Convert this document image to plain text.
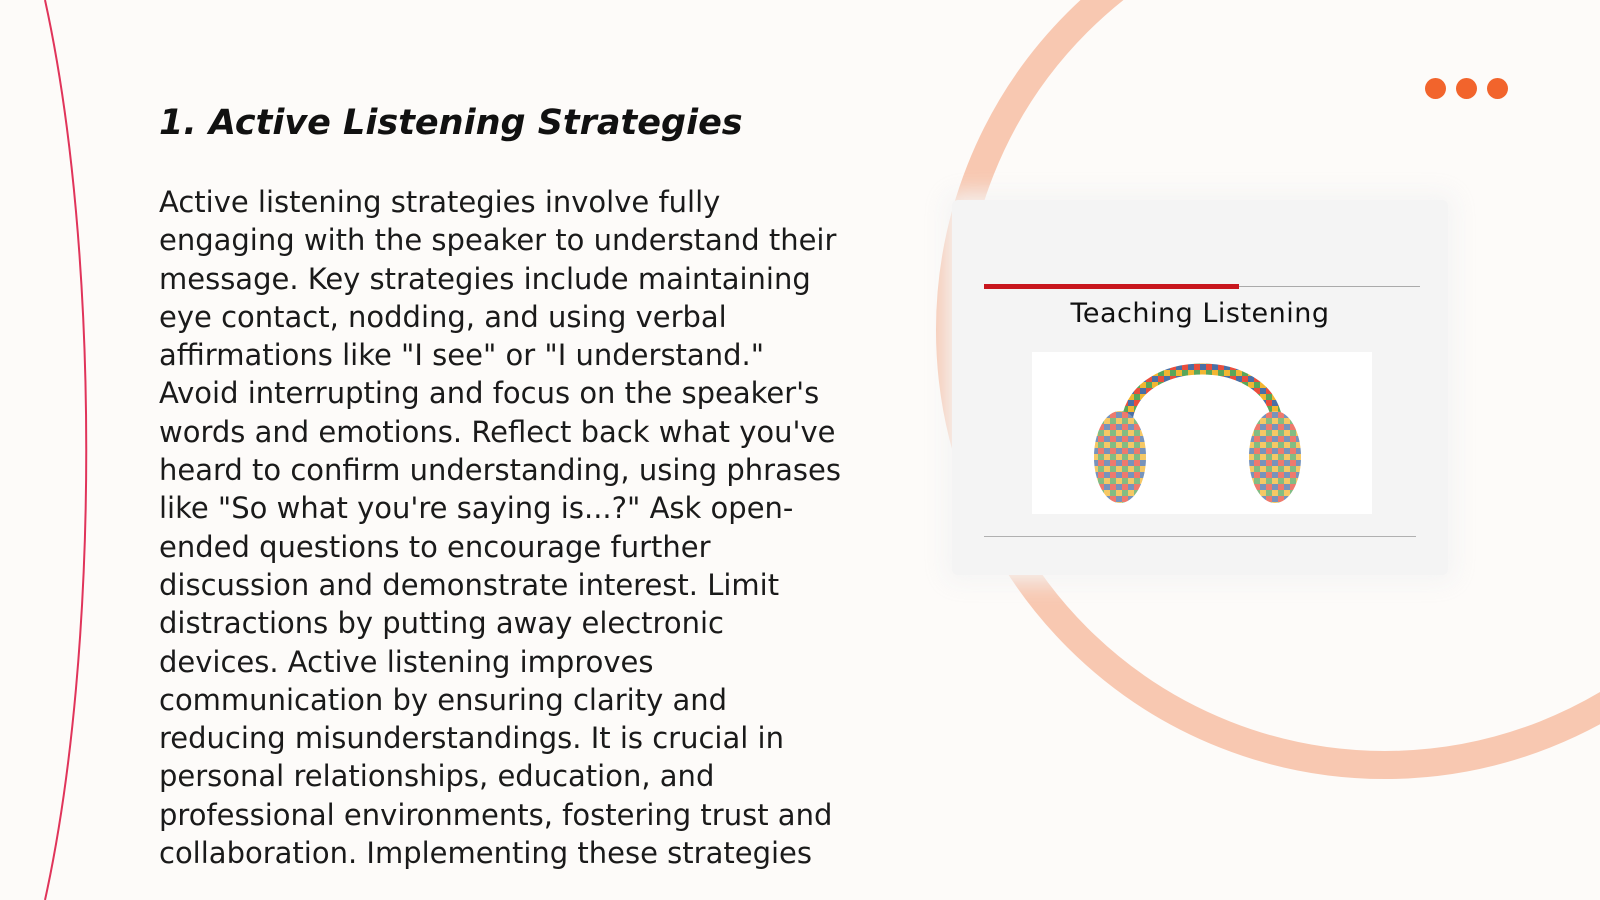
1. Active Listening Strategies

Active listening strategies involve fully engaging with the speaker to understand their message. Key strategies include maintaining eye contact, nodding, and using verbal affirmations like "I see" or "I understand." Avoid interrupting and focus on the speaker's words and emotions. Reflect back what you've heard to confirm understanding, using phrases like "So what you're saying is...?" Ask open-ended questions to encourage further discussion and demonstrate interest. Limit distractions by putting away electronic devices. Active listening improves communication by ensuring clarity and reducing misunderstandings. It is crucial in personal relationships, education, and professional environments, fostering trust and collaboration. Implementing these strategies

Teaching Listening
